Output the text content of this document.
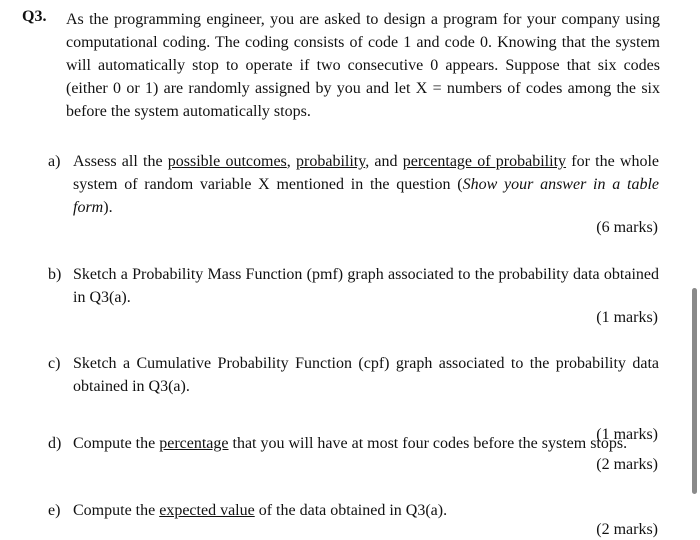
Q3. As the programming engineer, you are asked to design a program for your company using computational coding. The coding consists of code 1 and code 0. Knowing that the system will automatically stop to operate if two consecutive 0 appears. Suppose that six codes (either 0 or 1) are randomly assigned by you and let X = numbers of codes among the six before the system automatically stops.
a) Assess all the possible outcomes, probability, and percentage of probability for the whole system of random variable X mentioned in the question (Show your answer in a table form).
(6 marks)
b) Sketch a Probability Mass Function (pmf) graph associated to the probability data obtained in Q3(a).
(1 marks)
c) Sketch a Cumulative Probability Function (cpf) graph associated to the probability data obtained in Q3(a).
(1 marks)
d) Compute the percentage that you will have at most four codes before the system stops.
(2 marks)
e) Compute the expected value of the data obtained in Q3(a).
(2 marks)
